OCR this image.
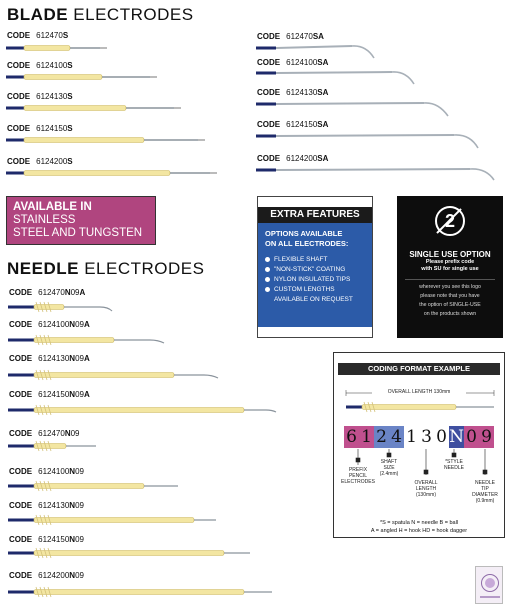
BLADE ELECTRODES
CODE 612470S
CODE 6124100S
CODE 6124130S
CODE 6124150S
CODE 6124200S
CODE 612470SA
CODE 6124100SA
CODE 6124130SA
CODE 6124150SA
CODE 6124200SA
AVAILABLE IN STAINLESS
STEEL AND TUNGSTEN
NEEDLE ELECTRODES
CODE 612470N09A
CODE 6124100N09A
CODE 6124130N09A
CODE 6124150N09A
CODE 612470N09
CODE 6124100N09
CODE 6124130N09
CODE 6124150N09
CODE 6124200N09
EXTRA FEATURES
OPTIONS AVAILABLE
ON ALL ELECTRODES:
FLEXIBLE SHAFT
"NON-STICK" COATING
NYLON INSULATED TIPS
CUSTOM LENGTHS
AVAILABLE ON REQUEST
2
SINGLE USE OPTION
Please prefix code
with SU for single use
wherever you see this logo
please note that you have
the option of SINGLE-USE
on the products shown
CODING FORMAT EXAMPLE
OVERALL LENGTH 130mm
6 1 2 4 1 3 0 N 0 9
PREFIX
PENCIL
ELECTRODES
SHAFT
SIZE
(2.4mm)
OVERALL
LENGTH
(130mm)
*STYLE
NEEDLE
NEEDLE
TIP
DIAMETER
(0.9mm)
*S = spatula N = needle B = ball
A = angled H = hook HD = hook dagger
